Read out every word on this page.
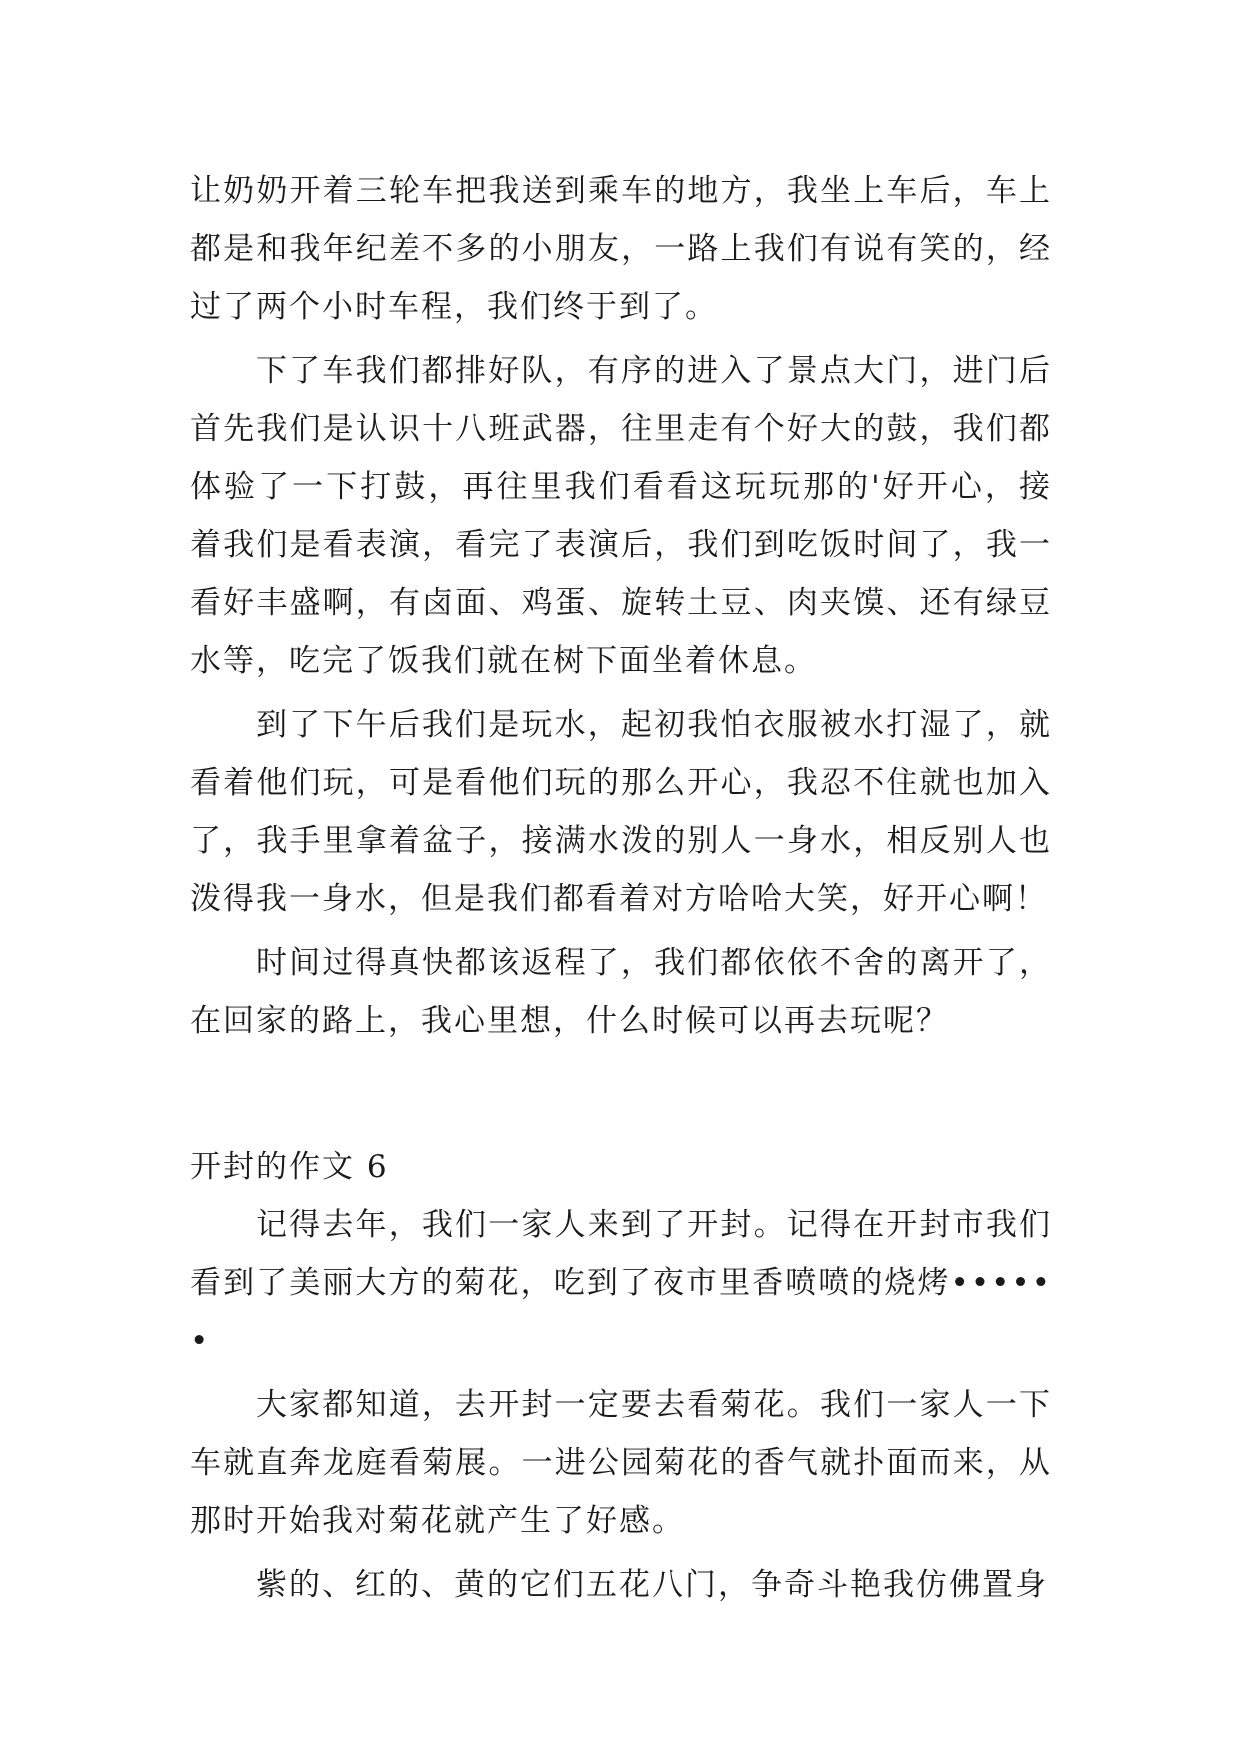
让奶奶开着三轮车把我送到乘车的地方，我坐上车后，车上都是和我年纪差不多的小朋友，一路上我们有说有笑的，经过了两个小时车程，我们终于到了。

下了车我们都排好队，有序的进入了景点大门，进门后首先我们是认识十八班武器，往里走有个好大的鼓，我们都体验了一下打鼓，再往里我们看看这玩玩那的'好开心，接着我们是看表演，看完了表演后，我们到吃饭时间了，我一看好丰盛啊，有卤面、鸡蛋、旋转土豆、肉夹馍、还有绿豆水等，吃完了饭我们就在树下面坐着休息。

到了下午后我们是玩水，起初我怕衣服被水打湿了，就看着他们玩，可是看他们玩的那么开心，我忍不住就也加入了，我手里拿着盆子，接满水泼的别人一身水，相反别人也泼得我一身水，但是我们都看着对方哈哈大笑，好开心啊！

时间过得真快都该返程了，我们都依依不舍的离开了，在回家的路上，我心里想，什么时候可以再去玩呢？

开封的作文 6

记得去年，我们一家人来到了开封。记得在开封市我们看到了美丽大方的菊花，吃到了夜市里香喷喷的烧烤••••••

大家都知道，去开封一定要去看菊花。我们一家人一下车就直奔龙庭看菊展。一进公园菊花的香气就扑面而来，从那时开始我对菊花就产生了好感。

紫的、红的、黄的它们五花八门，争奇斗艳我仿佛置身
